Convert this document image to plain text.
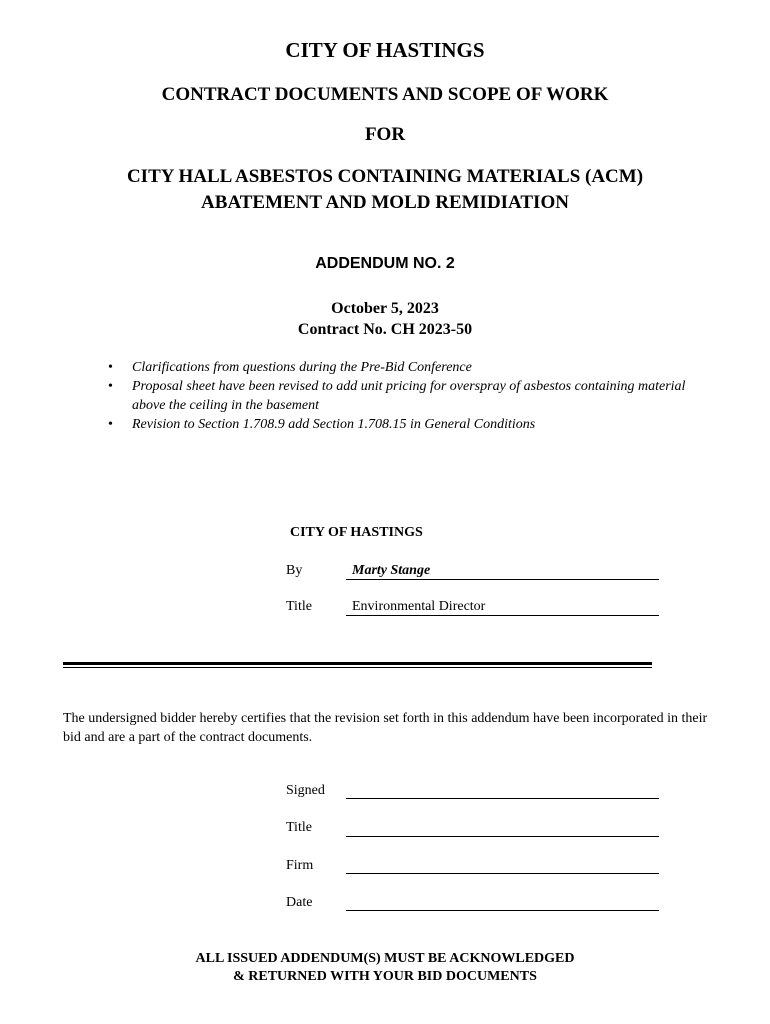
CITY OF HASTINGS
CONTRACT DOCUMENTS AND SCOPE OF WORK
FOR
CITY HALL ASBESTOS CONTAINING MATERIALS (ACM)
ABATEMENT AND MOLD REMIDIATION
ADDENDUM NO. 2
October 5, 2023
Contract No. CH 2023-50
• Clarifications from questions during the Pre-Bid Conference
• Proposal sheet have been revised to add unit pricing for overspray of asbestos containing material above the ceiling in the basement
• Revision to Section 1.708.9 add Section 1.708.15 in General Conditions
CITY OF HASTINGS
By	Marty Stange
Title	Environmental Director
The undersigned bidder hereby certifies that the revision set forth in this addendum have been incorporated in their bid and are a part of the contract documents.
Signed
Title
Firm
Date
ALL ISSUED ADDENDUM(S) MUST BE ACKNOWLEDGED
& RETURNED WITH YOUR BID DOCUMENTS
